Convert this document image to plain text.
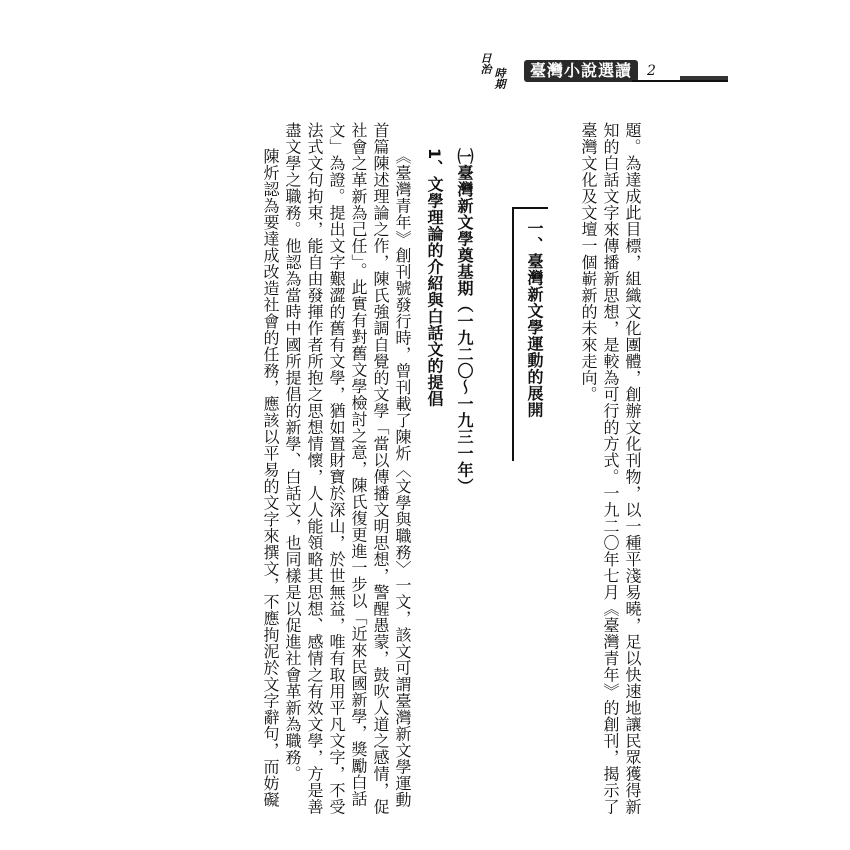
日治 時期
臺灣小說選讀	2
題。為達成此目標，組織文化團體，創辦文化刊物，以一種平淺易曉，足以快速地讓民眾獲得新
知的白話文字來傳播新思想，是較為可行的方式。一九二〇年七月《臺灣青年》的創刊，揭示了
臺灣文化及文壇一個嶄新的未來走向。
一、臺灣新文學運動的展開
㈠臺灣新文學奠基期（一九二〇～一九三一年）
1、文學理論的介紹與白話文的提倡
《臺灣青年》創刊號發行時，曾刊載了陳炘〈文學與職務〉一文，該文可謂臺灣新文學運動
首篇陳述理論之作，陳氏強調自覺的文學「當以傳播文明思想，警醒愚蒙，鼓吹人道之感情，促
社會之革新為己任」。此實有對舊文學檢討之意，陳氏復更進一步以「近來民國新學，獎勵白話
文」為證。提出文字艱澀的舊有文學，猶如置財寶於深山，於世無益，唯有取用平凡文字，不受
法式文句拘束，能自由發揮作者所抱之思想情懷，人人能領略其思想、感情之有效文學，方是善
盡文學之職務。他認為當時中國所提倡的新學、白話文，也同樣是以促進社會革新為職務。
陳炘認為要達成改造社會的任務，應該以平易的文字來撰文，不應拘泥於文字辭句，而妨礙
